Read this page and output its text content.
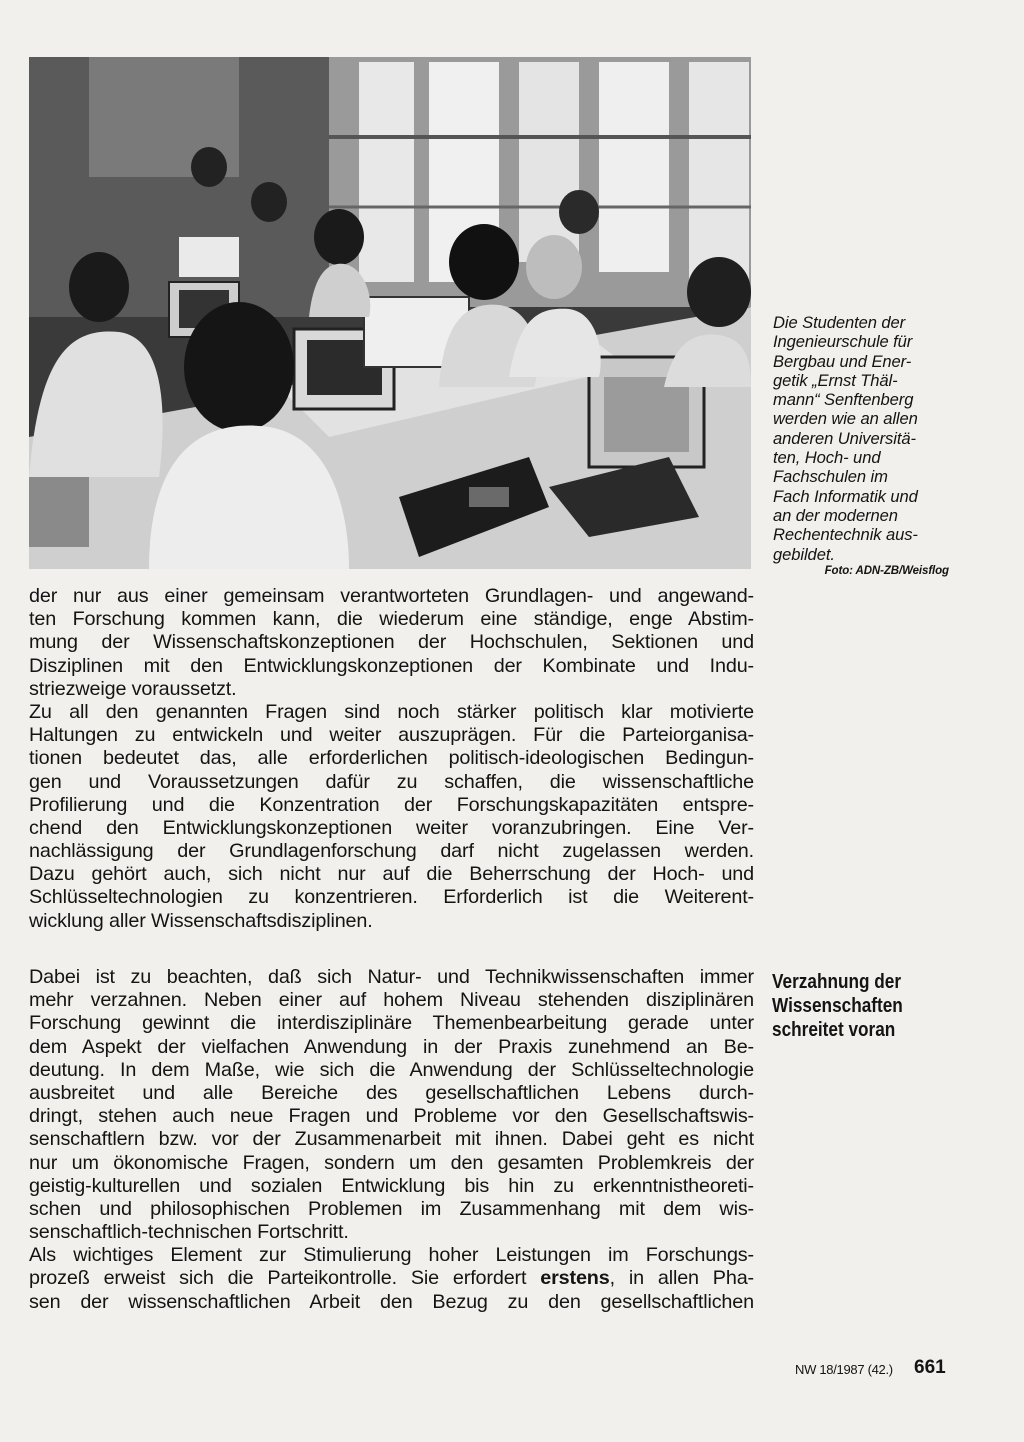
Die Studenten der
Ingenieurschule für
Bergbau und Ener-
getik „Ernst Thäl-
mann“ Senftenberg
werden wie an allen
anderen Universitä-
ten, Hoch- und
Fachschulen im
Fach Informatik und
an der modernen
Rechentechnik aus-
gebildet.
Foto: ADN-ZB/Weisflog
der nur aus einer gemeinsam verantworteten Grundlagen- und angewand-
ten Forschung kommen kann, die wiederum eine ständige, enge Abstim-
mung der Wissenschaftskonzeptionen der Hochschulen, Sektionen und
Disziplinen mit den Entwicklungskonzeptionen der Kombinate und Indu-
striezweige voraussetzt.
Zu all den genannten Fragen sind noch stärker politisch klar motivierte
Haltungen zu entwickeln und weiter auszuprägen. Für die Parteiorganisa-
tionen bedeutet das, alle erforderlichen politisch-ideologischen Bedingun-
gen und Voraussetzungen dafür zu schaffen, die wissenschaftliche
Profilierung und die Konzentration der Forschungskapazitäten entspre-
chend den Entwicklungskonzeptionen weiter voranzubringen. Eine Ver-
nachlässigung der Grundlagenforschung darf nicht zugelassen werden.
Dazu gehört auch, sich nicht nur auf die Beherrschung der Hoch- und
Schlüsseltechnologien zu konzentrieren. Erforderlich ist die Weiterent-
wicklung aller Wissenschaftsdisziplinen.
Verzahnung der
Wissenschaften
schreitet voran
Dabei ist zu beachten, daß sich Natur- und Technikwissenschaften immer
mehr verzahnen. Neben einer auf hohem Niveau stehenden disziplinären
Forschung gewinnt die interdisziplinäre Themenbearbeitung gerade unter
dem Aspekt der vielfachen Anwendung in der Praxis zunehmend an Be-
deutung. In dem Maße, wie sich die Anwendung der Schlüsseltechnologie
ausbreitet und alle Bereiche des gesellschaftlichen Lebens durch-
dringt, stehen auch neue Fragen und Probleme vor den Gesellschaftswis-
senschaftlern bzw. vor der Zusammenarbeit mit ihnen. Dabei geht es nicht
nur um ökonomische Fragen, sondern um den gesamten Problemkreis der
geistig-kulturellen und sozialen Entwicklung bis hin zu erkenntnistheoreti-
schen und philosophischen Problemen im Zusammenhang mit dem wis-
senschaftlich-technischen Fortschritt.
Als wichtiges Element zur Stimulierung hoher Leistungen im Forschungs-
prozeß erweist sich die Parteikontrolle. Sie erfordert erstens, in allen Pha-
sen der wissenschaftlichen Arbeit den Bezug zu den gesellschaftlichen
NW 18/1987 (42.) 661
